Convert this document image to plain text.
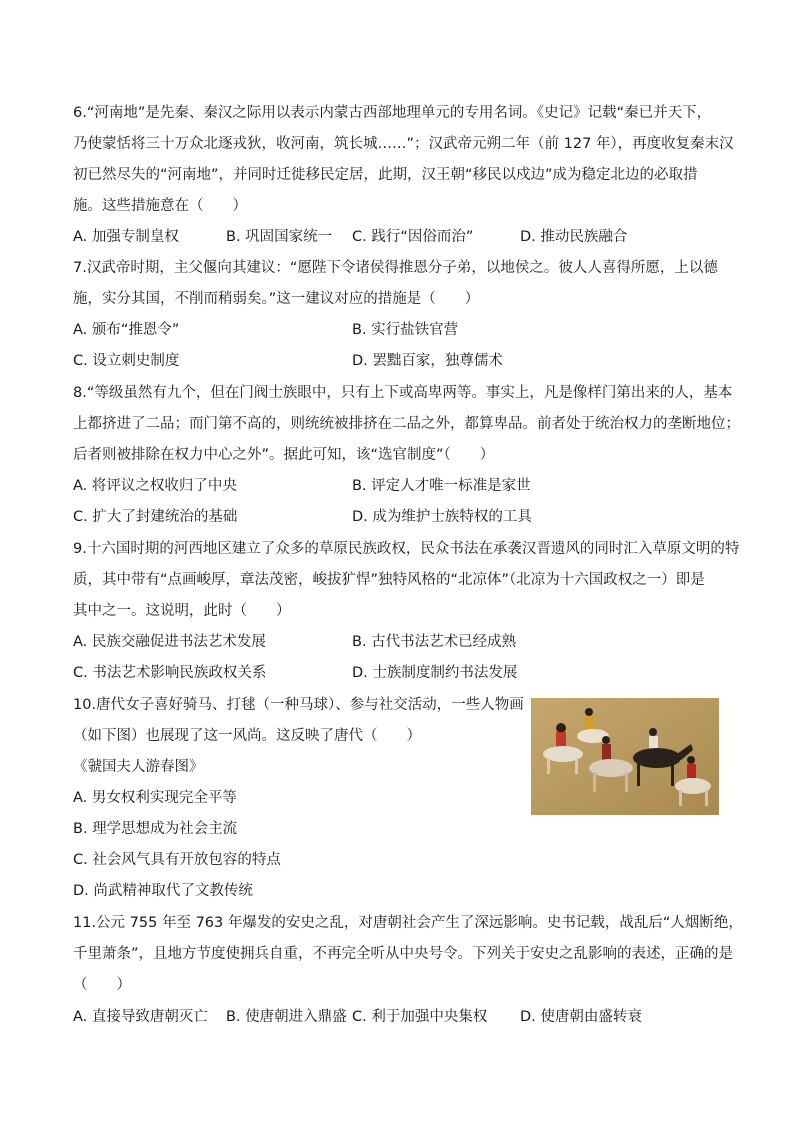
6.“河南地”是先秦、秦汉之际用以表示内蒙古西部地理单元的专用名词。《史记》记载“秦已并天下，
乃使蒙恬将三十万众北逐戎狄，收河南，筑长城……”；汉武帝元朔二年（前 127 年），再度收复秦末汉
初已然尽失的“河南地”，并同时迁徙移民定居，此期，汉王朝“移民以戍边”成为稳定北边的必取措
施。这些措施意在（　　）
A. 加强专制皇权	B. 巩固国家统一 C. 践行“因俗而治”	D. 推动民族融合
7.汉武帝时期，主父偃向其建议：“愿陛下令诸侯得推恩分子弟，以地侯之。彼人人喜得所愿，上以德
施，实分其国，不削而稍弱矣。”这一建议对应的措施是（　　）
A. 颁布“推恩令”	B. 实行盐铁官营
C. 设立刺史制度	D. 罢黜百家，独尊儒术
8.“等级虽然有九个，但在门阀士族眼中，只有上下或高卑两等。事实上，凡是像样门第出来的人，基本
上都挤进了二品；而门第不高的，则统统被排挤在二品之外，都算卑品。前者处于统治权力的垄断地位；
后者则被排除在权力中心之外”。据此可知，该“选官制度”（　　）
A. 将评议之权收归了中央	B. 评定人才唯一标准是家世
C. 扩大了封建统治的基础	D. 成为维护士族特权的工具
9.十六国时期的河西地区建立了众多的草原民族政权，民众书法在承袭汉晋遗风的同时汇入草原文明的特
质，其中带有“点画峻厚，章法茂密，峻拔犷悍”独特风格的“北凉体”（北凉为十六国政权之一）即是
其中之一。这说明，此时（　　）
A. 民族交融促进书法艺术发展	B. 古代书法艺术已经成熟
C. 书法艺术影响民族政权关系	D. 士族制度制约书法发展
10.唐代女子喜好骑马、打毬（一种马球）、参与社交活动，一些人物画
（如下图）也展现了这一风尚。这反映了唐代（　　）
《虢国夫人游春图》
A. 男女权利实现完全平等
B. 理学思想成为社会主流
C. 社会风气具有开放包容的特点
D. 尚武精神取代了文教传统
11.公元 755 年至 763 年爆发的安史之乱，对唐朝社会产生了深远影响。史书记载，战乱后“人烟断绝，
千里萧条”，且地方节度使拥兵自重，不再完全听从中央号令。下列关于安史之乱影响的表述，正确的是
（　　）
A. 直接导致唐朝灭亡 B. 使唐朝进入鼎盛 C. 利于加强中央集权 D. 使唐朝由盛转衰
